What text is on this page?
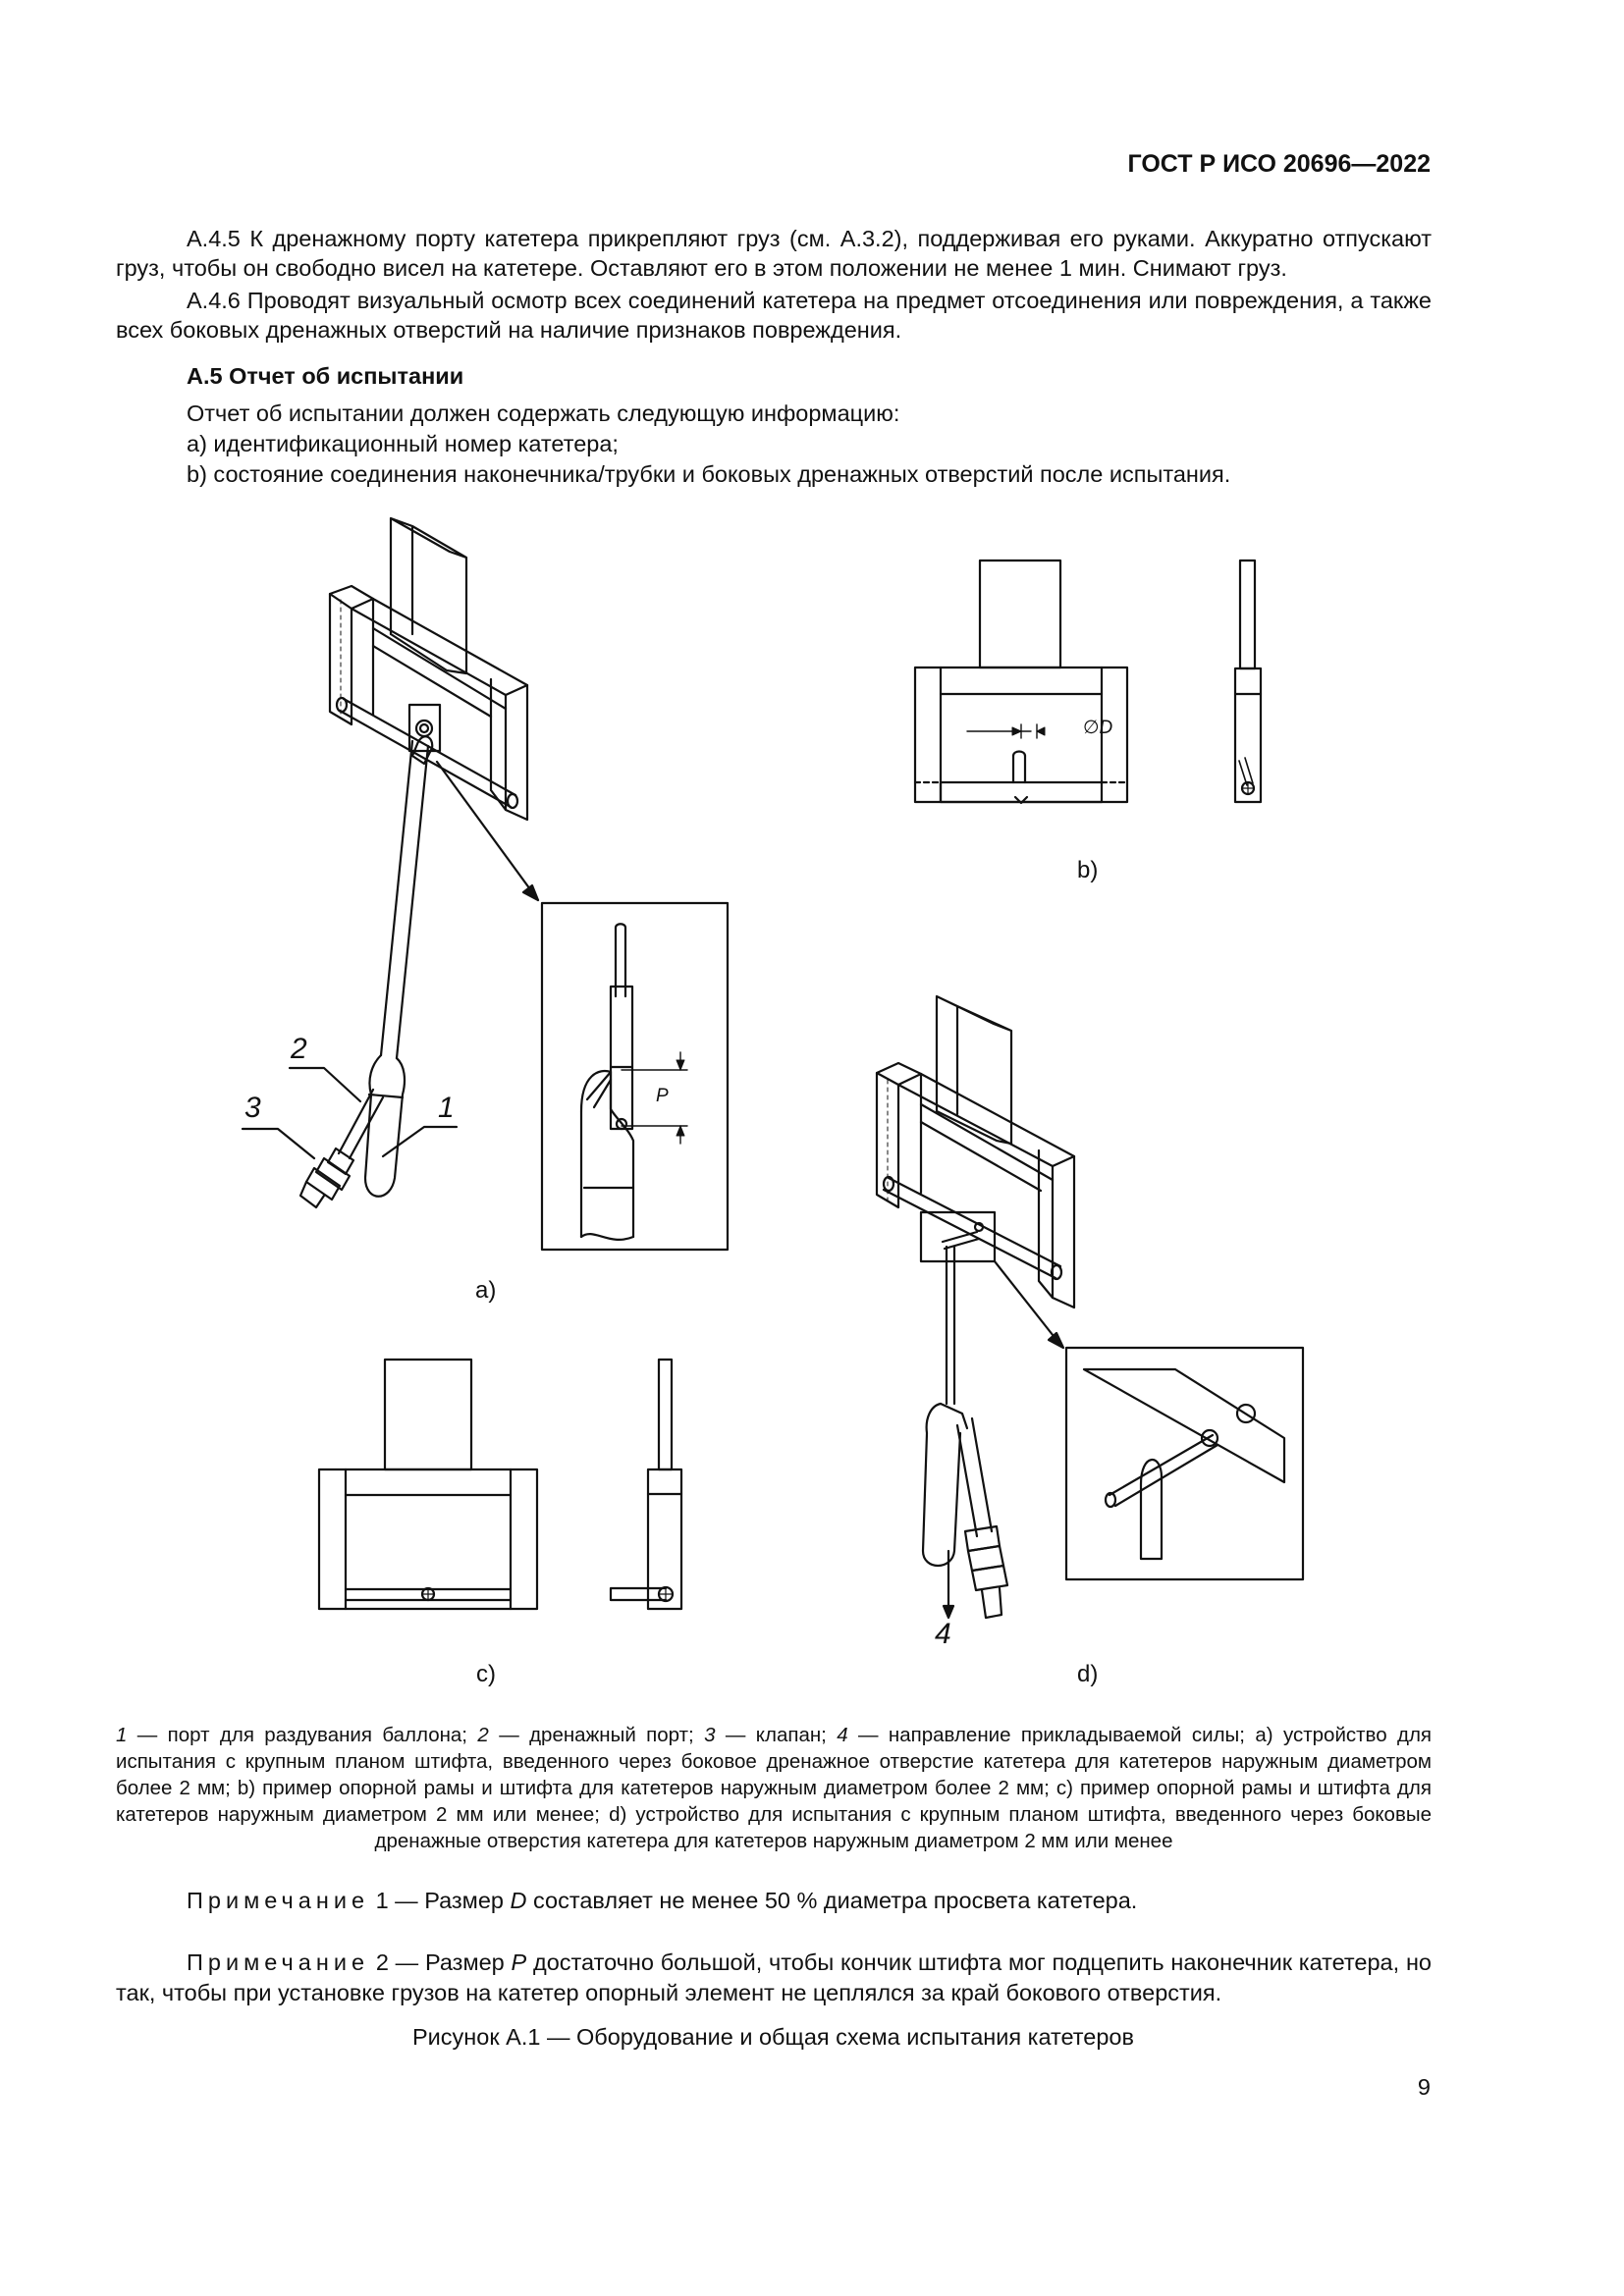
ГОСТ Р ИСО 20696—2022
А.4.5 К дренажному порту катетера прикрепляют груз (см. А.3.2), поддерживая его руками. Аккуратно отпускают груз, чтобы он свободно висел на катетере. Оставляют его в этом положении не менее 1 мин. Снимают груз.
А.4.6 Проводят визуальный осмотр всех соединений катетера на предмет отсоединения или повреждения, а также всех боковых дренажных отверстий на наличие признаков повреждения.
А.5 Отчет об испытании
Отчет об испытании должен содержать следующую информацию:
а) идентификационный номер катетера;
b) состояние соединения наконечника/трубки и боковых дренажных отверстий после испытания.
∅D
P
2
3	1
4
b)
a)
c)	d)
1 — порт для раздувания баллона; 2 — дренажный порт; 3 — клапан; 4 — направление прикладываемой силы; a) устройство для испытания с крупным планом штифта, введенного через боковое дренажное отверстие катетера для катетеров наружным диаметром более 2 мм; b) пример опорной рамы и штифта для катетеров наружным диаметром более 2 мм; c) пример опорной рамы и штифта для катетеров наружным диаметром 2 мм или менее; d) устройство для испытания с крупным планом штифта, введенного через боковые дренажные отверстия катетера для катетеров наружным диаметром 2 мм или менее
Примечание 1 — Размер D составляет не менее 50 % диаметра просвета катетера.
Примечание 2 — Размер P достаточно большой, чтобы кончик штифта мог подцепить наконечник катетера, но так, чтобы при установке грузов на катетер опорный элемент не цеплялся за край бокового отверстия.
Рисунок А.1 — Оборудование и общая схема испытания катетеров
9
